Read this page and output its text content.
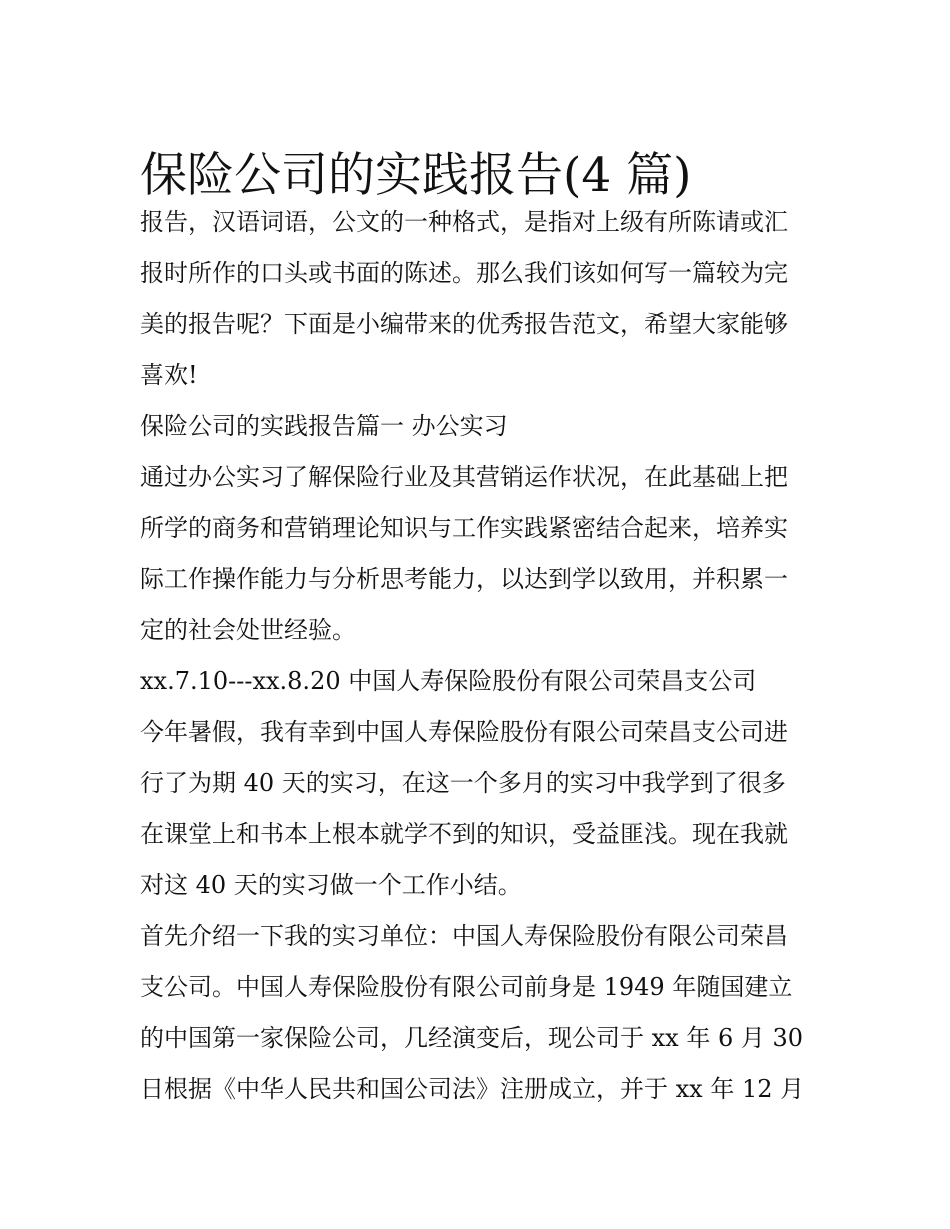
保险公司的实践报告(4 篇)
报告，汉语词语，公文的一种格式，是指对上级有所陈请或汇
报时所作的口头或书面的陈述。那么我们该如何写一篇较为完
美的报告呢？下面是小编带来的优秀报告范文，希望大家能够
喜欢!
保险公司的实践报告篇一 办公实习
通过办公实习了解保险行业及其营销运作状况，在此基础上把
所学的商务和营销理论知识与工作实践紧密结合起来，培养实
际工作操作能力与分析思考能力，以达到学以致用，并积累一
定的社会处世经验。
xx.7.10---xx.8.20 中国人寿保险股份有限公司荣昌支公司
今年暑假，我有幸到中国人寿保险股份有限公司荣昌支公司进
行了为期 40 天的实习，在这一个多月的实习中我学到了很多
在课堂上和书本上根本就学不到的知识，受益匪浅。现在我就
对这 40 天的实习做一个工作小结。
首先介绍一下我的实习单位：中国人寿保险股份有限公司荣昌
支公司。中国人寿保险股份有限公司前身是 1949 年随国建立
的中国第一家保险公司，几经演变后，现公司于 xx 年 6 月 30
日根据《中华人民共和国公司法》注册成立，并于 xx 年 12 月
